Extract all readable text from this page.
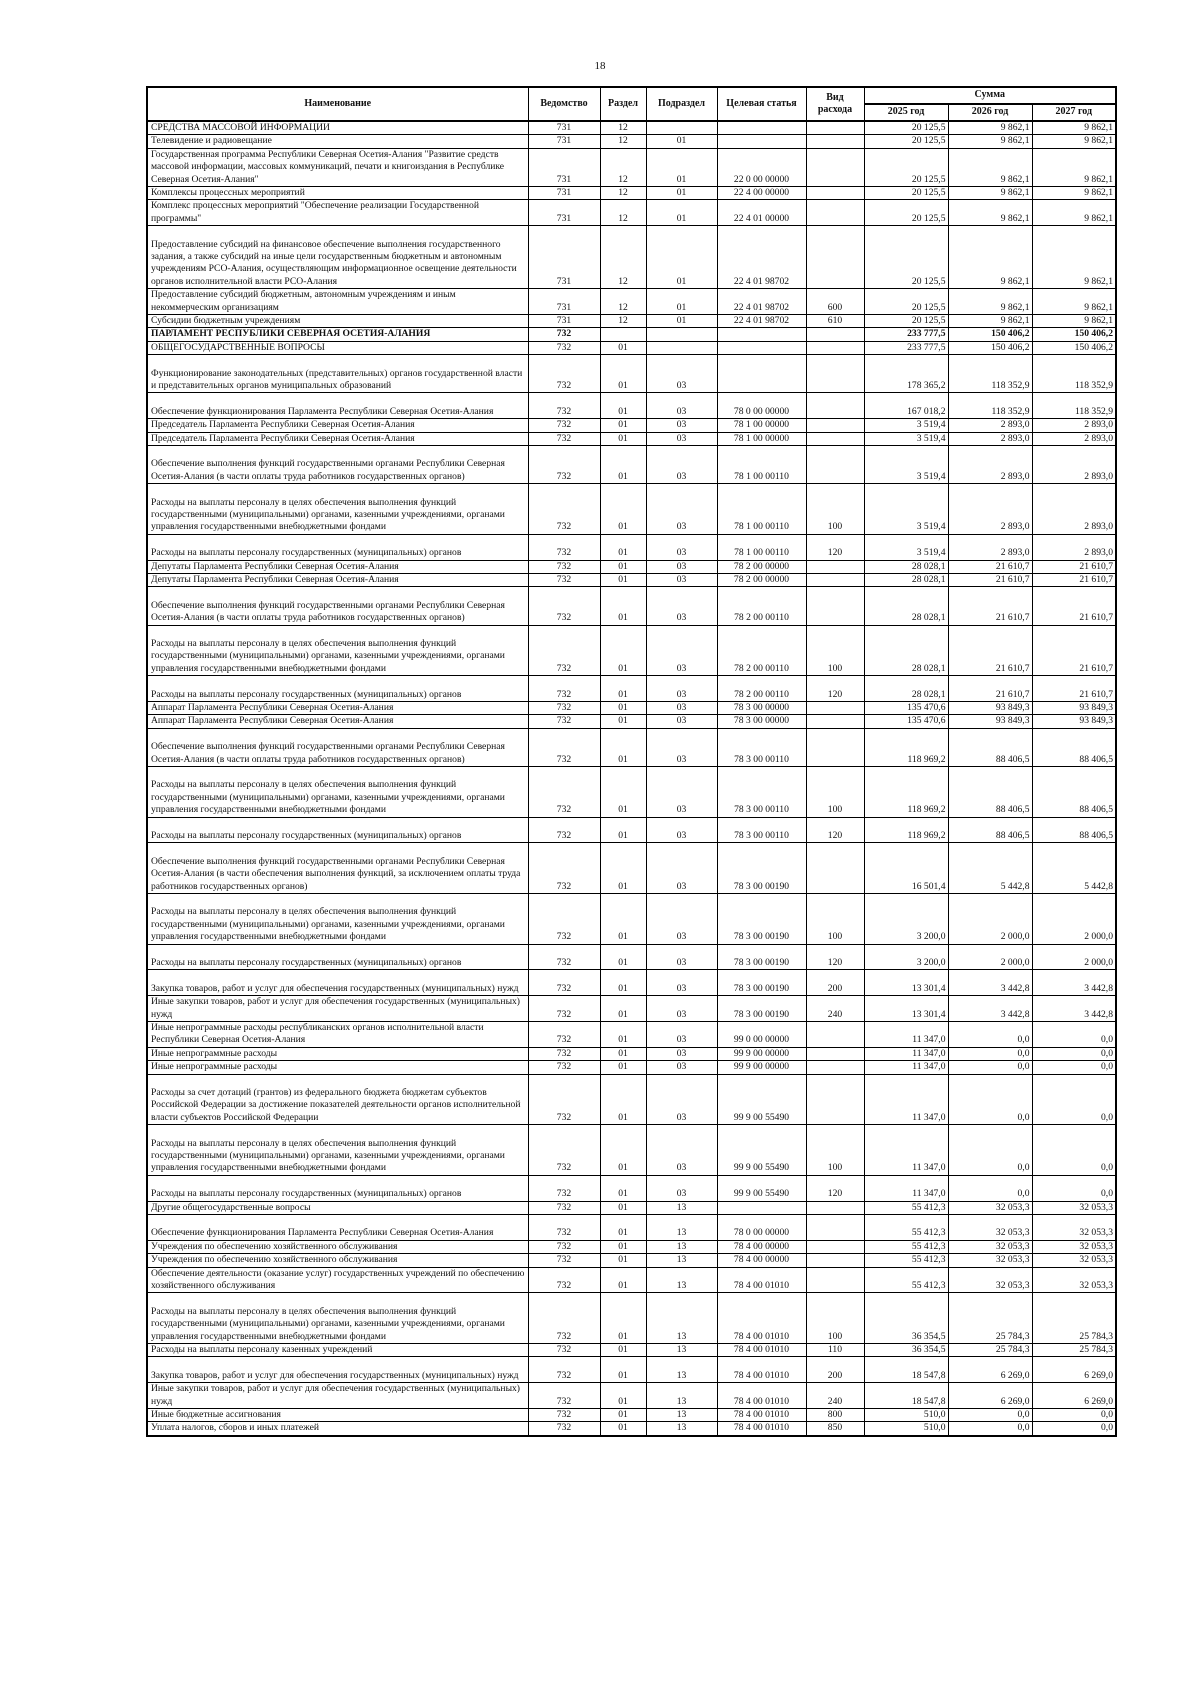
18
Наименование	Ведомство	Раздел	Подраздел	Целевая статья	Вид расхода	Сумма		
						2025 год	2026 год	2027 год
СРЕДСТВА МАССОВОЙ ИНФОРМАЦИИ	731	12				20 125,5	9 862,1	9 862,1
Телевидение и радиовещание	731	12	01			20 125,5	9 862,1	9 862,1
Государственная программа Республики Северная Осетия-Алания "Развитие средств массовой информации, массовых коммуникаций, печати и книгоиздания в Республике Северная Осетия-Алания"	731	12	01	22 0 00 00000		20 125,5	9 862,1	9 862,1
Комплексы процессных мероприятий	731	12	01	22 4 00 00000		20 125,5	9 862,1	9 862,1
Комплекс процессных мероприятий "Обеспечение реализации Государственной программы"	731	12	01	22 4 01 00000		20 125,5	9 862,1	9 862,1
Предоставление субсидий на финансовое обеспечение выполнения государственного задания, а также субсидий на иные цели государственным бюджетным и автономным учреждениям РСО-Алания, осуществляющим информационное освещение деятельности органов исполнительной власти РСО-Алания	731	12	01	22 4 01 98702		20 125,5	9 862,1	9 862,1
Предоставление субсидий бюджетным, автономным учреждениям и иным некоммерческим организациям	731	12	01	22 4 01 98702	600	20 125,5	9 862,1	9 862,1
Субсидии бюджетным учреждениям	731	12	01	22 4 01 98702	610	20 125,5	9 862,1	9 862,1
ПАРЛАМЕНТ РЕСПУБЛИКИ СЕВЕРНАЯ ОСЕТИЯ-АЛАНИЯ	732					233 777,5	150 406,2	150 406,2
ОБЩЕГОСУДАРСТВЕННЫЕ ВОПРОСЫ	732	01				233 777,5	150 406,2	150 406,2
Функционирование законодательных (представительных) органов государственной власти и представительных органов муниципальных образований	732	01	03			178 365,2	118 352,9	118 352,9
Обеспечение функционирования Парламента Республики Северная Осетия-Алания	732	01	03	78 0 00 00000		167 018,2	118 352,9	118 352,9
Председатель Парламента Республики Северная Осетия-Алания	732	01	03	78 1 00 00000		3 519,4	2 893,0	2 893,0
Председатель Парламента Республики Северная Осетия-Алания	732	01	03	78 1 00 00000		3 519,4	2 893,0	2 893,0
Обеспечение выполнения функций государственными органами Республики Северная Осетия-Алания (в части оплаты труда работников государственных органов)	732	01	03	78 1 00 00110		3 519,4	2 893,0	2 893,0
Расходы на выплаты персоналу в целях обеспечения выполнения функций государственными (муниципальными) органами, казенными учреждениями, органами управления государственными внебюджетными фондами	732	01	03	78 1 00 00110	100	3 519,4	2 893,0	2 893,0
Расходы на выплаты персоналу государственных (муниципальных) органов	732	01	03	78 1 00 00110	120	3 519,4	2 893,0	2 893,0
Депутаты Парламента Республики Северная Осетия-Алания	732	01	03	78 2 00 00000		28 028,1	21 610,7	21 610,7
Депутаты Парламента Республики Северная Осетия-Алания	732	01	03	78 2 00 00000		28 028,1	21 610,7	21 610,7
Обеспечение выполнения функций государственными органами Республики Северная Осетия-Алания (в части оплаты труда работников государственных органов)	732	01	03	78 2 00 00110		28 028,1	21 610,7	21 610,7
Расходы на выплаты персоналу в целях обеспечения выполнения функций государственными (муниципальными) органами, казенными учреждениями, органами управления государственными внебюджетными фондами	732	01	03	78 2 00 00110	100	28 028,1	21 610,7	21 610,7
Расходы на выплаты персоналу государственных (муниципальных) органов	732	01	03	78 2 00 00110	120	28 028,1	21 610,7	21 610,7
Аппарат Парламента Республики Северная Осетия-Алания	732	01	03	78 3 00 00000		135 470,6	93 849,3	93 849,3
Аппарат Парламента Республики Северная Осетия-Алания	732	01	03	78 3 00 00000		135 470,6	93 849,3	93 849,3
Обеспечение выполнения функций государственными органами Республики Северная Осетия-Алания (в части оплаты труда работников государственных органов)	732	01	03	78 3 00 00110		118 969,2	88 406,5	88 406,5
Расходы на выплаты персоналу в целях обеспечения выполнения функций государственными (муниципальными) органами, казенными учреждениями, органами управления государственными внебюджетными фондами	732	01	03	78 3 00 00110	100	118 969,2	88 406,5	88 406,5
Расходы на выплаты персоналу государственных (муниципальных) органов	732	01	03	78 3 00 00110	120	118 969,2	88 406,5	88 406,5
Обеспечение выполнения функций государственными органами Республики Северная Осетия-Алания (в части обеспечения выполнения функций, за исключением оплаты труда работников государственных органов)	732	01	03	78 3 00 00190		16 501,4	5 442,8	5 442,8
Расходы на выплаты персоналу в целях обеспечения выполнения функций государственными (муниципальными) органами, казенными учреждениями, органами управления государственными внебюджетными фондами	732	01	03	78 3 00 00190	100	3 200,0	2 000,0	2 000,0
Расходы на выплаты персоналу государственных (муниципальных) органов	732	01	03	78 3 00 00190	120	3 200,0	2 000,0	2 000,0
Закупка товаров, работ и услуг для обеспечения государственных (муниципальных) нужд	732	01	03	78 3 00 00190	200	13 301,4	3 442,8	3 442,8
Иные закупки товаров, работ и услуг для обеспечения государственных (муниципальных) нужд	732	01	03	78 3 00 00190	240	13 301,4	3 442,8	3 442,8
Иные непрограммные расходы республиканских органов исполнительной власти Республики Северная Осетия-Алания	732	01	03	99 0 00 00000		11 347,0	0,0	0,0
Иные непрограммные расходы	732	01	03	99 9 00 00000		11 347,0	0,0	0,0
Иные непрограммные расходы	732	01	03	99 9 00 00000		11 347,0	0,0	0,0
Расходы за счет дотаций (грантов) из федерального бюджета бюджетам субъектов Российской Федерации за достижение показателей деятельности органов исполнительной власти субъектов Российской Федерации	732	01	03	99 9 00 55490		11 347,0	0,0	0,0
Расходы на выплаты персоналу в целях обеспечения выполнения функций государственными (муниципальными) органами, казенными учреждениями, органами управления государственными внебюджетными фондами	732	01	03	99 9 00 55490	100	11 347,0	0,0	0,0
Расходы на выплаты персоналу государственных (муниципальных) органов	732	01	03	99 9 00 55490	120	11 347,0	0,0	0,0
Другие общегосударственные вопросы	732	01	13			55 412,3	32 053,3	32 053,3
Обеспечение функционирования Парламента Республики Северная Осетия-Алания	732	01	13	78 0 00 00000		55 412,3	32 053,3	32 053,3
Учреждения по обеспечению хозяйственного обслуживания	732	01	13	78 4 00 00000		55 412,3	32 053,3	32 053,3
Учреждения по обеспечению хозяйственного обслуживания	732	01	13	78 4 00 00000		55 412,3	32 053,3	32 053,3
Обеспечение деятельности (оказание услуг) государственных учреждений по обеспечению хозяйственного обслуживания	732	01	13	78 4 00 01010		55 412,3	32 053,3	32 053,3
Расходы на выплаты персоналу в целях обеспечения выполнения функций государственными (муниципальными) органами, казенными учреждениями, органами управления государственными внебюджетными фондами	732	01	13	78 4 00 01010	100	36 354,5	25 784,3	25 784,3
Расходы на выплаты персоналу казенных учреждений	732	01	13	78 4 00 01010	110	36 354,5	25 784,3	25 784,3
Закупка товаров, работ и услуг для обеспечения государственных (муниципальных) нужд	732	01	13	78 4 00 01010	200	18 547,8	6 269,0	6 269,0
Иные закупки товаров, работ и услуг для обеспечения государственных (муниципальных) нужд	732	01	13	78 4 00 01010	240	18 547,8	6 269,0	6 269,0
Иные бюджетные ассигнования	732	01	13	78 4 00 01010	800	510,0	0,0	0,0
Уплата налогов, сборов и иных платежей	732	01	13	78 4 00 01010	850	510,0	0,0	0,0
